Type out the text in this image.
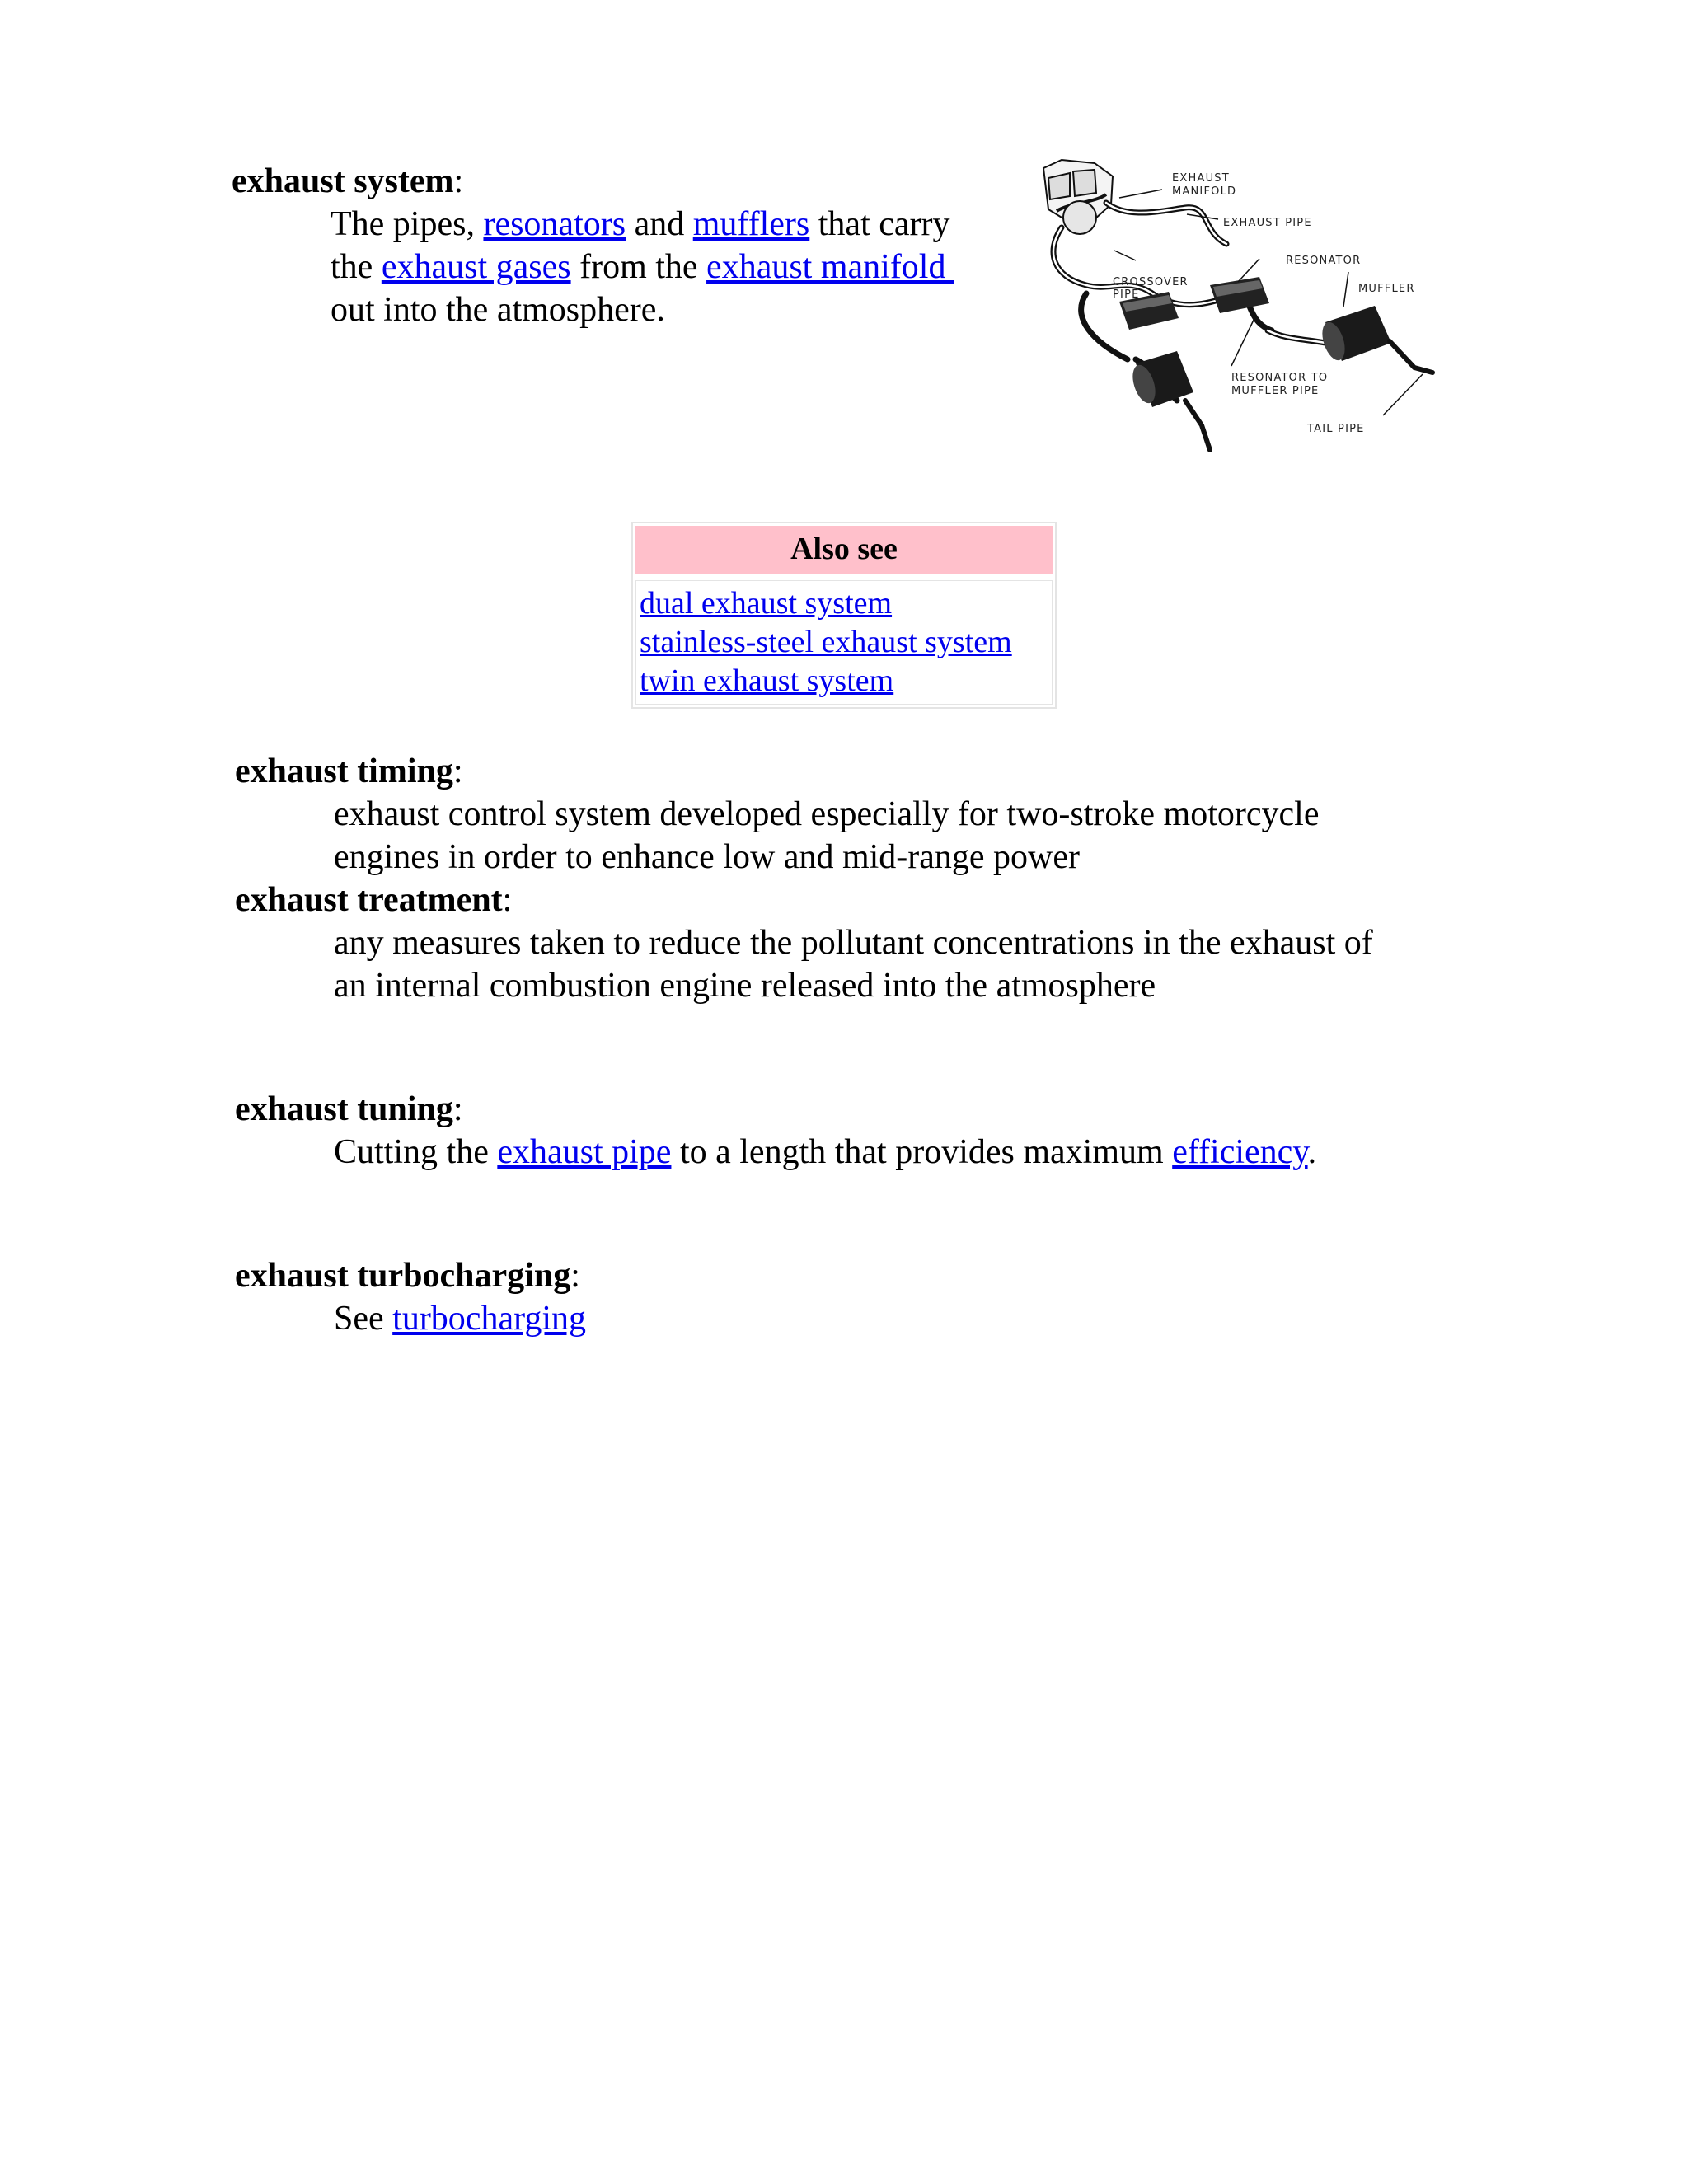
exhaust system:

The pipes, resonators and mufflers that carry

the exhaust gases from the exhaust manifold

out into the atmosphere.

EXHAUST
MANIFOLD
EXHAUST PIPE
RESONATOR
MUFFLER
CROSSOVER
PIPE
RESONATOR TO
MUFFLER PIPE
TAIL PIPE
Also see
dual exhaust system
stainless-steel exhaust system
twin exhaust system
exhaust timing:

exhaust control system developed especially for two-stroke motorcycle

engines in order to enhance low and mid-range power

exhaust treatment:

any measures taken to reduce the pollutant concentrations in the exhaust of

an internal combustion engine released into the atmosphere

exhaust tuning:

Cutting the exhaust pipe to a length that provides maximum efficiency.

exhaust turbocharging:

See turbocharging
